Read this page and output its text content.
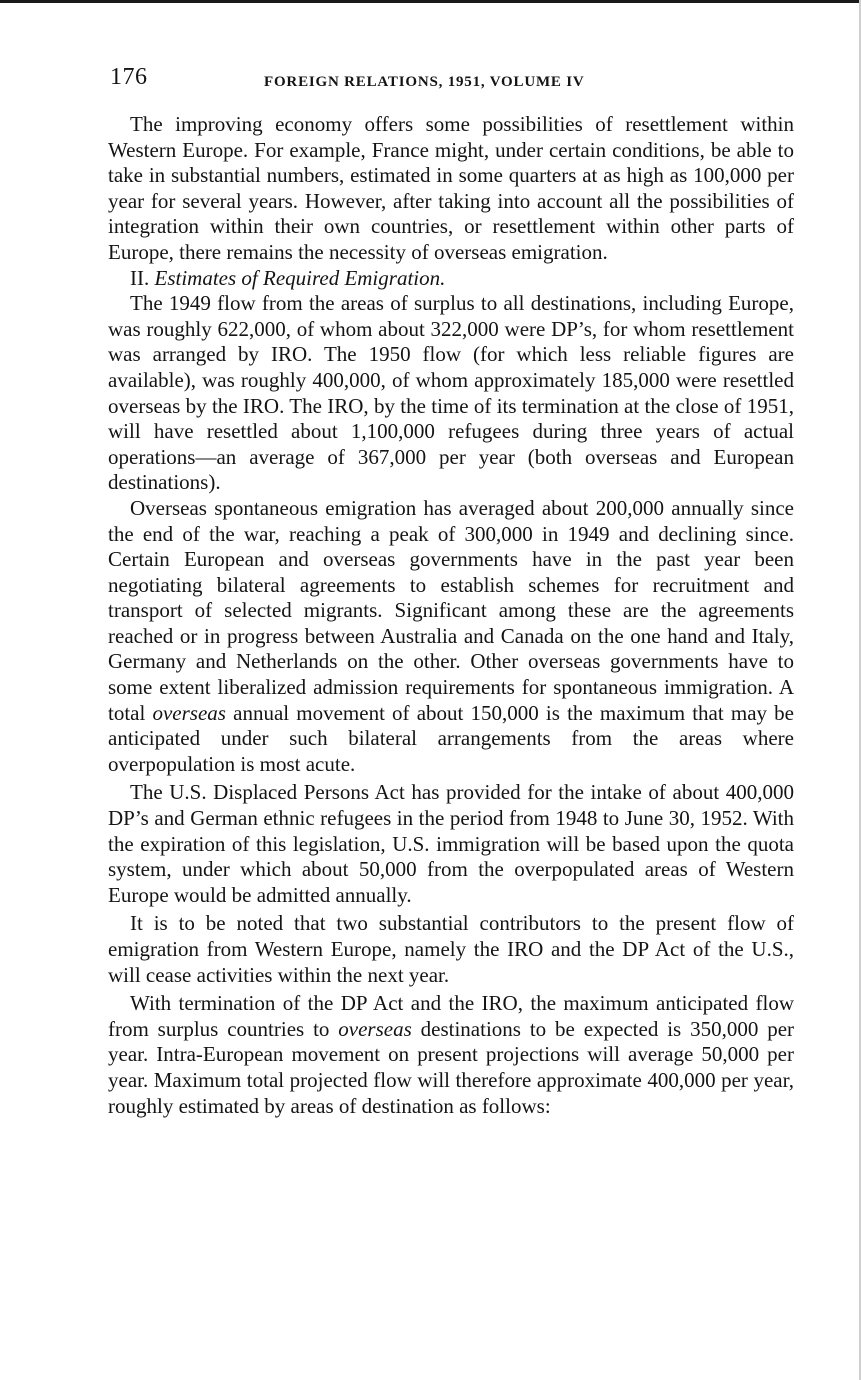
176	FOREIGN RELATIONS, 1951, VOLUME IV

The improving economy offers some possibilities of resettlement within Western Europe. For example, France might, under certain conditions, be able to take in substantial numbers, estimated in some quarters at as high as 100,000 per year for several years. However, after taking into account all the possibilities of integration within their own countries, or resettlement within other parts of Europe, there remains the necessity of overseas emigration.

II. Estimates of Required Emigration.

The 1949 flow from the areas of surplus to all destinations, including Europe, was roughly 622,000, of whom about 322,000 were DP’s, for whom resettlement was arranged by IRO. The 1950 flow (for which less reliable figures are available), was roughly 400,000, of whom approximately 185,000 were resettled overseas by the IRO. The IRO, by the time of its termination at the close of 1951, will have resettled about 1,100,000 refugees during three years of actual operations—an average of 367,000 per year (both overseas and European destinations).

Overseas spontaneous emigration has averaged about 200,000 annually since the end of the war, reaching a peak of 300,000 in 1949 and declining since. Certain European and overseas governments have in the past year been negotiating bilateral agreements to establish schemes for recruitment and transport of selected migrants. Significant among these are the agreements reached or in progress between Australia and Canada on the one hand and Italy, Germany and Netherlands on the other. Other overseas governments have to some extent liberalized admission requirements for spontaneous immigration. A total overseas annual movement of about 150,000 is the maximum that may be anticipated under such bilateral arrangements from the areas where overpopulation is most acute.

The U.S. Displaced Persons Act has provided for the intake of about 400,000 DP’s and German ethnic refugees in the period from 1948 to June 30, 1952. With the expiration of this legislation, U.S. immigration will be based upon the quota system, under which about 50,000 from the overpopulated areas of Western Europe would be admitted annually.

It is to be noted that two substantial contributors to the present flow of emigration from Western Europe, namely the IRO and the DP Act of the U.S., will cease activities within the next year.

With termination of the DP Act and the IRO, the maximum anticipated flow from surplus countries to overseas destinations to be expected is 350,000 per year. Intra-European movement on present projections will average 50,000 per year. Maximum total projected flow will therefore approximate 400,000 per year, roughly estimated by areas of destination as follows:
